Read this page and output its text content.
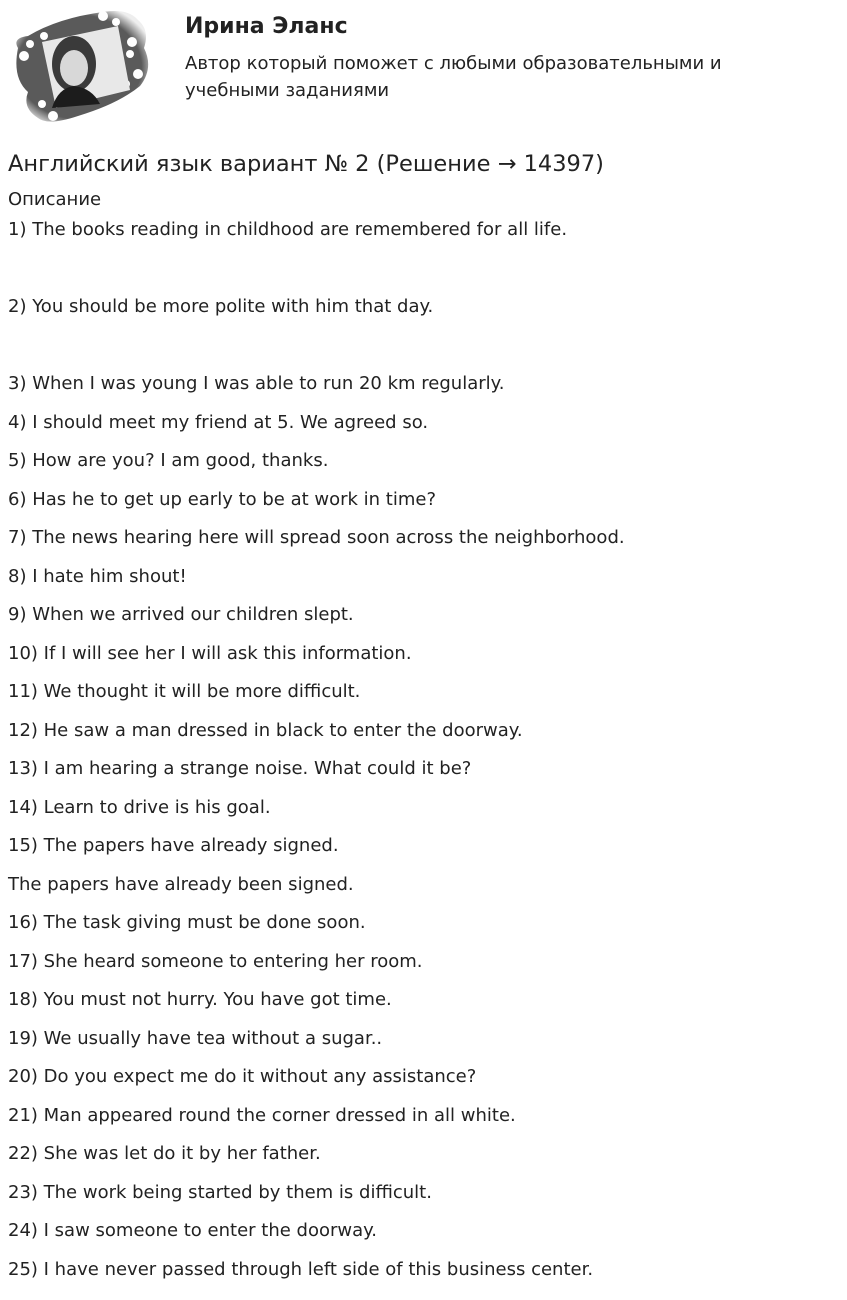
Ирина Эланс
Автор который поможет с любыми образовательными и учебными заданиями
Английский язык вариант № 2 (Решение → 14397)
Описание
1) The books reading in childhood are remembered for all life.
2) You should be more polite with him that day.
3) When I was young I was able to run 20 km regularly.
4) I should meet my friend at 5. We agreed so.
5) How are you? I am good, thanks.
6) Has he to get up early to be at work in time?
7) The news hearing here will spread soon across the neighborhood.
8) I hate him shout!
9) When we arrived our children slept.
10) If I will see her I will ask this information.
11) We thought it will be more difficult.
12) He saw a man dressed in black to enter the doorway.
13) I am hearing a strange noise. What could it be?
14) Learn to drive is his goal.
15) The papers have already signed.
The papers have already been signed.
16) The task giving must be done soon.
17) She heard someone to entering her room.
18) You must not hurry. You have got time.
19) We usually have tea without a sugar..
20) Do you expect me do it without any assistance?
21) Man appeared round the corner dressed in all white.
22) She was let do it by her father.
23) The work being started by them is difficult.
24) I saw someone to enter the doorway.
25) I have never passed through left side of this business center.
